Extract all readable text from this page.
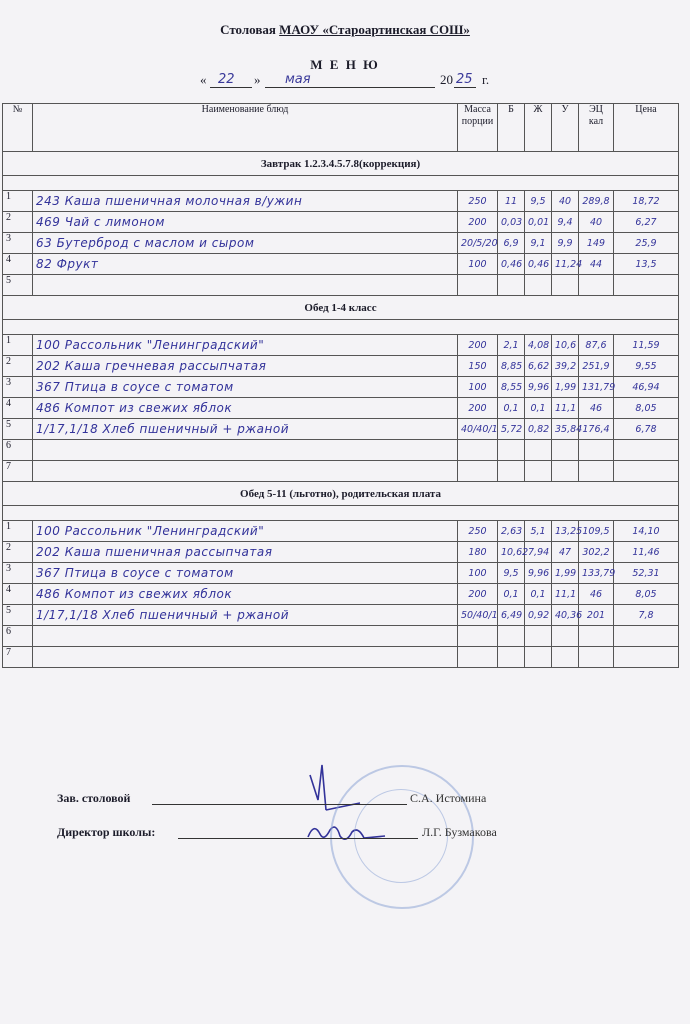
Столовая МАОУ «Староартинская СОШ»
М Е Н Ю
« 22 » мая	20 25 г.
№	Наименование блюд	Масса порции	Б	Ж	У	ЭЦ кал	Цена
Завтрак 1.2.3.4.5.7.8(коррекция)							

1	243 Каша пшеничная молочная в/ужин	250	11	9,5	40	289,8	18,72
2	469 Чай с лимоном	200	0,03	0,01	9,4	40	6,27
3	63 Бутерброд с маслом и сыром	20/5/20	6,9	9,1	9,9	149	25,9
4	82 Фрукт	100	0,46	0,46	11,24	44	13,5
5							
Обед 1-4 класс							

1	100 Рассольник "Ленинградский"	200	2,1	4,08	10,6	87,6	11,59
2	202 Каша гречневая рассыпчатая	150	8,85	6,62	39,2	251,9	9,55
3	367 Птица в соусе с томатом	100	8,55	9,96	1,99	131,79	46,94
4	486 Компот из свежих яблок	200	0,1	0,1	11,1	46	8,05
5	1/17,1/18 Хлеб пшеничный + ржаной	40/40/1	5,72	0,82	35,84	176,4	6,78
6							
7							
Обед 5-11 (льготно), родительская плата							

1	100 Рассольник "Ленинградский"	250	2,63	5,1	13,25	109,5	14,10
2	202 Каша пшеничная рассыпчатая	180	10,62	7,94	47	302,2	11,46
3	367 Птица в соусе с томатом	100	9,5	9,96	1,99	133,79	52,31
4	486 Компот из свежих яблок	200	0,1	0,1	11,1	46	8,05
5	1/17,1/18 Хлеб пшеничный + ржаной	50/40/1	6,49	0,92	40,36	201	7,8
6							
7							
Зав. столовой	С.А. Истомина
Директор школы:	Л.Г. Бузмакова
